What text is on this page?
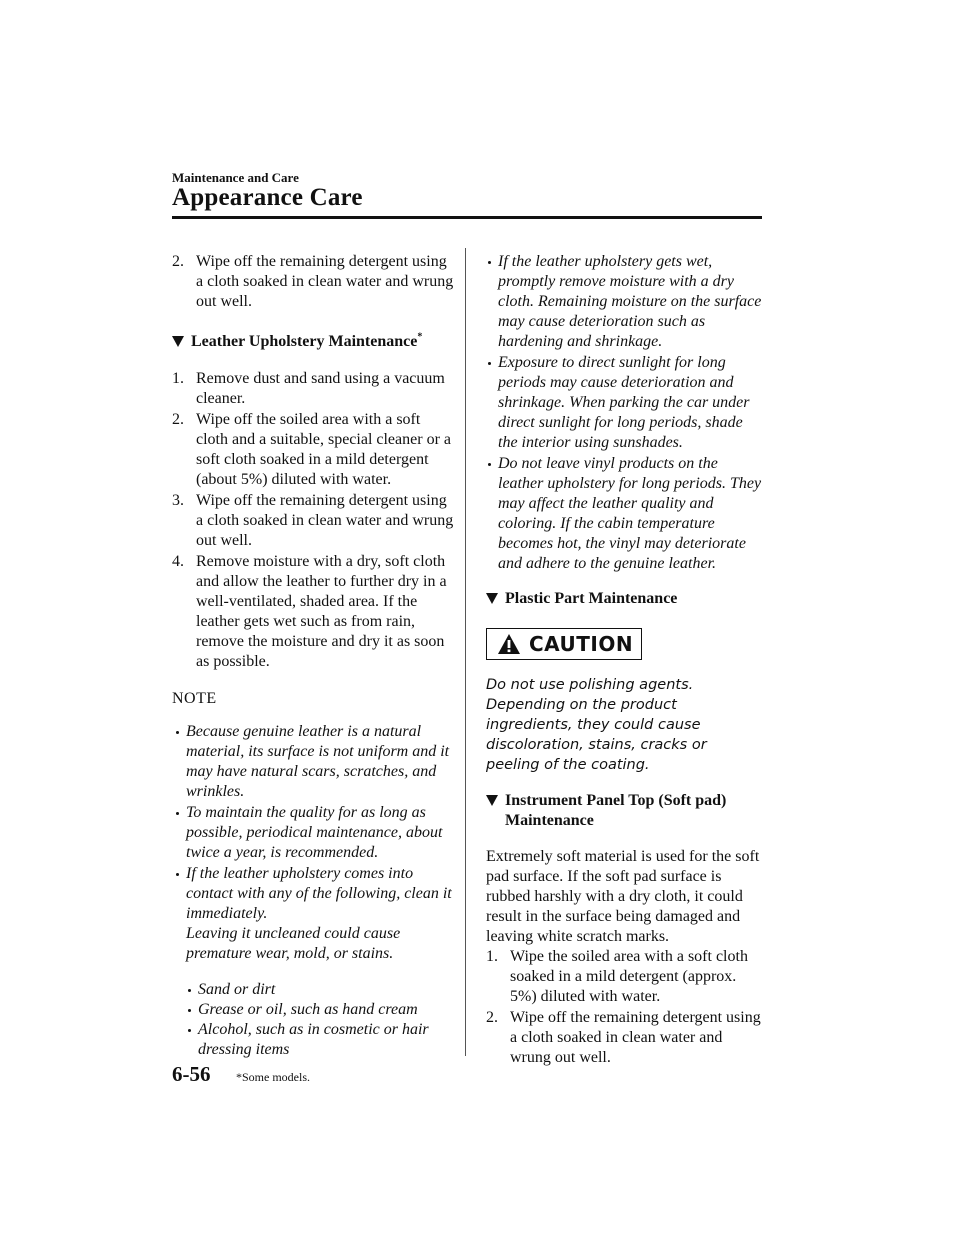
Maintenance and Care
Appearance Care
2. Wipe off the remaining detergent using a cloth soaked in clean water and wrung out well.
Leather Upholstery Maintenance*
1. Remove dust and sand using a vacuum cleaner.
2. Wipe off the soiled area with a soft cloth and a suitable, special cleaner or a soft cloth soaked in a mild detergent (about 5%) diluted with water.
3. Wipe off the remaining detergent using a cloth soaked in clean water and wrung out well.
4. Remove moisture with a dry, soft cloth and allow the leather to further dry in a well-ventilated, shaded area. If the leather gets wet such as from rain, remove the moisture and dry it as soon as possible.
NOTE

Because genuine leather is a natural material, its surface is not uniform and it may have natural scars, scratches, and wrinkles.

To maintain the quality for as long as possible, periodical maintenance, about twice a year, is recommended.

If the leather upholstery comes into contact with any of the following, clean it immediately.

Leaving it uncleaned could cause premature wear, mold, or stains.

Sand or dirt

Grease or oil, such as hand cream

Alcohol, such as in cosmetic or hair dressing items

If the leather upholstery gets wet, promptly remove moisture with a dry cloth. Remaining moisture on the surface may cause deterioration such as hardening and shrinkage.

Exposure to direct sunlight for long periods may cause deterioration and shrinkage. When parking the car under direct sunlight for long periods, shade the interior using sunshades.

Do not leave vinyl products on the leather upholstery for long periods. They may affect the leather quality and coloring. If the cabin temperature becomes hot, the vinyl may deteriorate and adhere to the genuine leather.

Plastic Part Maintenance
CAUTION
Do not use polishing agents. Depending on the product ingredients, they could cause discoloration, stains, cracks or peeling of the coating.
Instrument Panel Top (Soft pad) Maintenance
Extremely soft material is used for the soft pad surface. If the soft pad surface is rubbed harshly with a dry cloth, it could result in the surface being damaged and leaving white scratch marks.
1. Wipe the soiled area with a soft cloth soaked in a mild detergent (approx. 5%) diluted with water.
2. Wipe off the remaining detergent using a cloth soaked in clean water and wrung out well.
6-56 *Some models.
